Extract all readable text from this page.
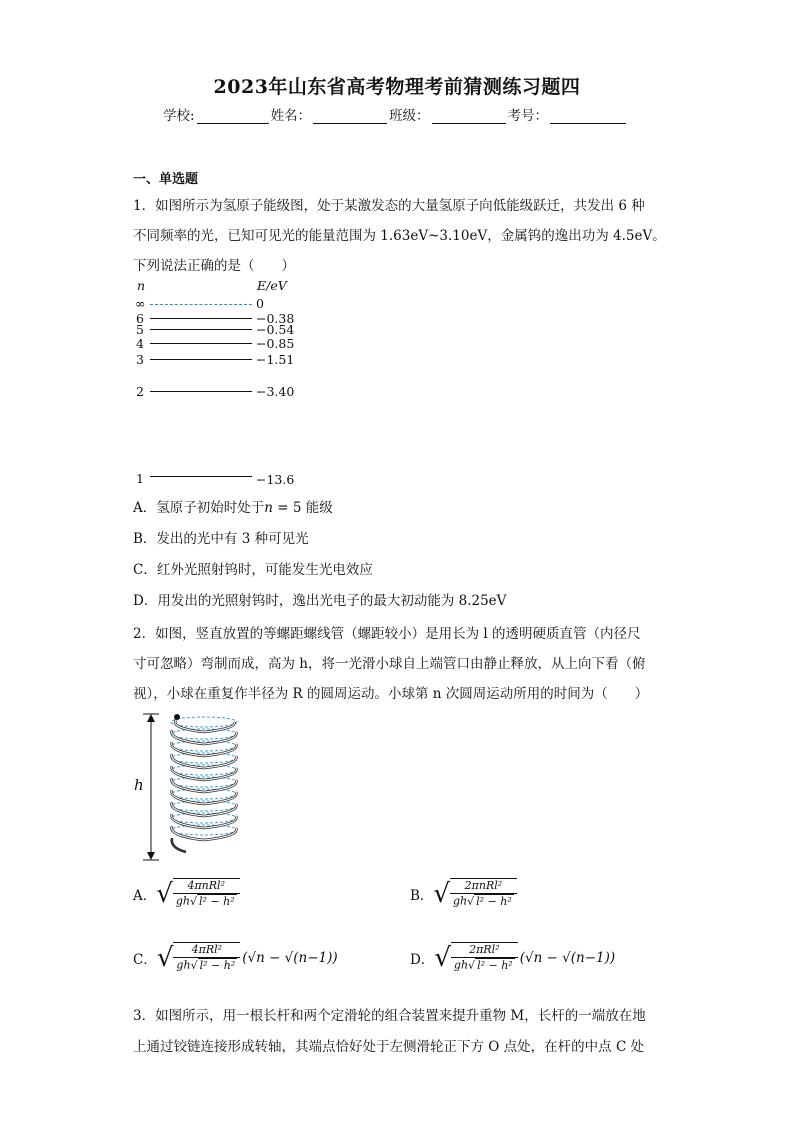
2023年山东省高考物理考前猜测练习题四
学校:	姓名：	班级：	考号：
一、单选题
1．如图所示为氢原子能级图，处于某激发态的大量氢原子向低能级跃迁，共发出 6 种
不同频率的光，已知可见光的能量范围为 1.63eV~3.10eV，金属钨的逸出功为 4.5eV。
下列说法正确的是（　　）
n	E/eV
∞	0
6	−0.38
5	−0.54
4	−0.85
3	−1.51
2	−3.40
1	−13.6
A．氢原子初始时处于n = 5 能级
B．发出的光中有 3 种可见光
C．红外光照射钨时，可能发生光电效应
D．用发出的光照射钨时，逸出光电子的最大初动能为 8.25eV
2．如图，竖直放置的等螺距螺线管（螺距较小）是用长为 l 的透明硬质直管（内径尺
寸可忽略）弯制而成，高为 h，将一光滑小球自上端管口由静止释放，从上向下看（俯
视），小球在重复作半径为 R 的圆周运动。小球第 n 次圆周运动所用的时间为（　　）
h
A． √ $\frac{\text{4πnRl²}}{\text{gh√ l² − h²}}$	B． √ $\frac{\text{2πnRl²}}{\text{gh√ l² − h²}}$
C． √ $\frac{\text{4πRl²}}{\text{gh√ l² − h²}} (√n - √(n-1))$	D． √ $\frac{\text{2πRl²}}{\text{gh√ l² − h²}} (√n - √(n-1))$
3．如图所示，用一根长杆和两个定滑轮的组合装置来提升重物 M，长杆的一端放在地
上通过铰链连接形成转轴，其端点恰好处于左侧滑轮正下方 O 点处，在杆的中点 C 处
